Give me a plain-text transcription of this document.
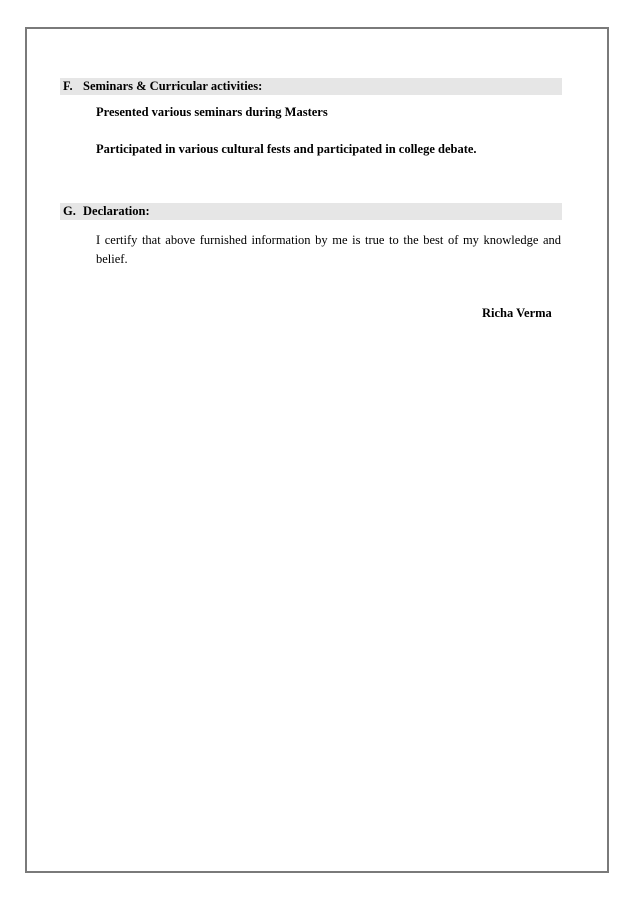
F. Seminars & Curricular activities:
Presented various seminars during Masters
Participated in various cultural fests and participated in college debate.
G. Declaration:
I certify that above furnished information by me is true to the best of my knowledge and belief.
Richa Verma
